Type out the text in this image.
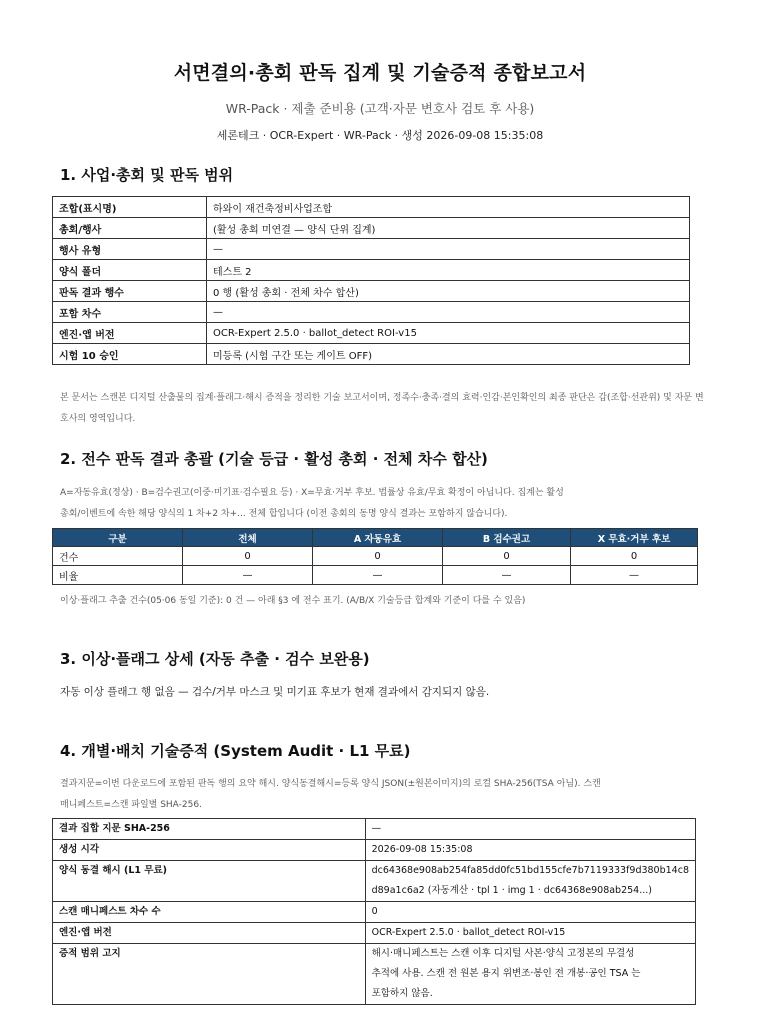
서면결의·총회 판독 집계 및 기술증적 종합보고서
WR-Pack · 제출 준비용 (고객·자문 변호사 검토 후 사용)
세론테크 · OCR-Expert · WR-Pack · 생성 2026-09-08 15:35:08
1. 사업·총회 및 판독 범위
조합(표시명)	하와이 재건축정비사업조합
총회/행사	(활성 총회 미연결 — 양식 단위 집계)
행사 유형	—
양식 폴더	테스트 2
판독 결과 행수	0 행 (활성 총회 · 전체 차수 합산)
포함 차수	—
엔진·앱 버전	OCR-Expert 2.5.0 · ballot_detect ROI-v15
시험 10 승인	미등록 (시험 구간 또는 게이트 OFF)
본 문서는 스캔본 디지털 산출물의 집계·플래그·해시 증적을 정리한 기술 보고서이며, 정족수·충족·결의 효력·인감·본인확인의 최종 판단은 갑(조합·선관위) 및 자문 변호사의 영역입니다.
2. 전수 판독 결과 총괄 (기술 등급 · 활성 총회 · 전체 차수 합산)
A=자동유효(정상) · B=검수권고(이중·미기표·검수필요 등) · X=무효·거부 후보. 법률상 유효/무효 확정이 아닙니다. 집계는 활성
총회/이벤트에 속한 해당 양식의 1 차+2 차+... 전체 합입니다 (이전 총회의 동명 양식 결과는 포함하지 않습니다).
구분	전체	A 자동유효	B 검수권고	X 무효·거부 후보
건수	0	0	0	0
비율	—	—	—	—
이상·플래그 추출 건수(05·06 동일 기준): 0 건 — 아래 §3 에 전수 표기. (A/B/X 기술등급 합계와 기준이 다를 수 있음)
3. 이상·플래그 상세 (자동 추출 · 검수 보완용)
자동 이상 플래그 행 없음 — 검수/거부 마스크 및 미기표 후보가 현재 결과에서 감지되지 않음.
4. 개별·배치 기술증적 (System Audit · L1 무료)
결과지문=이번 다운로드에 포함된 판독 행의 요약 해시. 양식동결해시=등록 양식 JSON(±원본이미지)의 로컬 SHA-256(TSA 아님). 스캔
매니페스트=스캔 파일별 SHA-256.
결과 집합 지문 SHA-256	—

생성 시각	2026-09-08 15:35:08

양식 동결 해시 (L1 무료)	dc64368e908ab254fa85dd0fc51bd155cfe7b7119333f9d380b14c8
d89a1c6a2 (자동계산 · tpl 1 · img 1 · dc64368e908ab254...)

스캔 매니페스트 차수 수	0

엔진·앱 버전	OCR-Expert 2.5.0 · ballot_detect ROI-v15

증적 범위 고지	해시·매니페스트는 스캔 이후 디지털 사본·양식 고정본의 무결성
추적에 사용. 스캔 전 원본 용지 위변조·봉인 전 개봉·공인 TSA 는
포함하지 않음.
